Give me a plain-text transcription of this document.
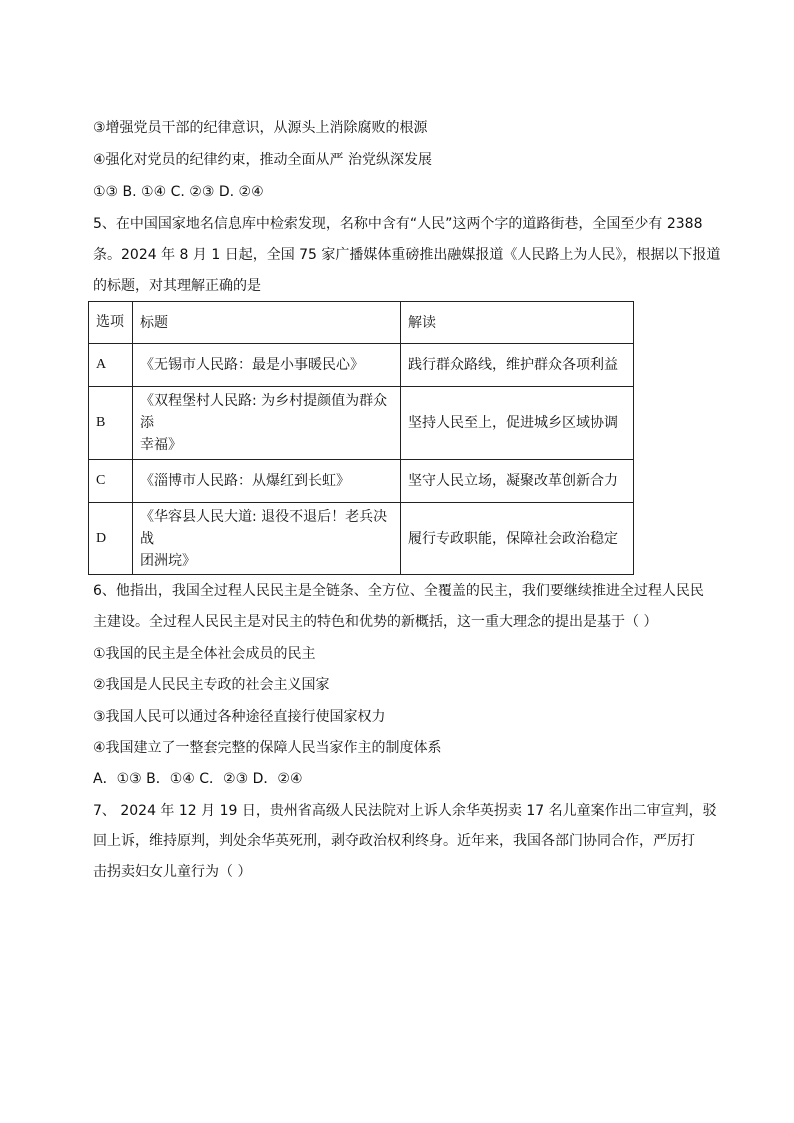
③增强党员干部的纪律意识，从源头上消除腐败的根源
④强化对党员的纪律约束，推动全面从严 治党纵深发展
①③ B. ①④ C. ②③ D. ②④
5、在中国国家地名信息库中检索发现，名称中含有“人民”这两个字的道路街巷，全国至少有 2388
条。2024 年 8 月 1 日起，全国 75 家广播媒体重磅推出融媒报道《人民路上为人民》，根据以下报道
的标题，对其理解正确的是
选项	标题	解读
A	《无锡市人民路：最是小事暖民心》	践行群众路线，维护群众各项利益
B	《双程堡村人民路: 为乡村提颜值为群众添
幸福》	坚持人民至上，促进城乡区域协调
C	《淄博市人民路：从爆红到长虹》	坚守人民立场，凝聚改革创新合力
D	《华容县人民大道: 退役不退后！老兵决战
团洲垸》	履行专政职能，保障社会政治稳定
6、他指出，我国全过程人民民主是全链条、全方位、全覆盖的民主，我们要继续推进全过程人民民
主建设。全过程人民民主是对民主的特色和优势的新概括，这一重大理念的提出是基于（ ）
①我国的民主是全体社会成员的民主
②我国是人民民主专政的社会主义国家
③我国人民可以通过各种途径直接行使国家权力
④我国建立了一整套完整的保障人民当家作主的制度体系
A．①③ B．①④ C．②③ D．②④
7、 2024 年 12 月 19 日，贵州省高级人民法院对上诉人余华英拐卖 17 名儿童案作出二审宣判，驳
回上诉，维持原判，判处余华英死刑，剥夺政治权利终身。近年来，我国各部门协同合作，严厉打
击拐卖妇女儿童行为（ ）
